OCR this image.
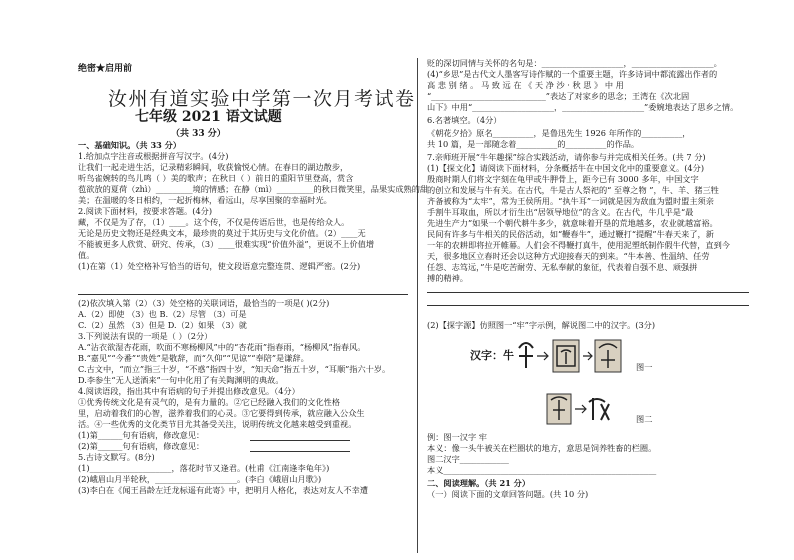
绝密★启用前
汝州有道实验中学第一次月考试卷
七年级 2021 语文试题
（共 33 分）
一、基础知识。（共 33 分）
1.给加点字注音或根据拼音写汉字。(4分)
让我们一起走进生活，记录精彩瞬间，收获愉悦心情。在春日的湖边散步，
听鸟雀婉转的鸟儿鸣（ ）美的歌声；在秋日（ ）前日的重阳节里登高，赏含
苞欲放的夏荷（zhì）_________境的情感；在静（mì）_________的秋日微笑里，品果实成熟的甜
美；在温暖的冬日相约，一起折梅林，看远山，尽享国聚的幸福时光。
2.阅读下面材料，按要求答题。(4分)
藏，不仅是为了存，（1）____。这个传，不仅是传语后世，也是传给众人。
无论是历史文物还是经典文本，最珍贵的莫过于其历史与文化价值。（2）____无
不能被更多人欣赏、研究、传承，（3）____很难实现“价值外溢”，更说不上价值增
值。
(1)在第（1）处空格补写恰当的语句，使文段语意完整连贯、逻辑严密。(2分)
(2)依次填入第（2）（3）处空格的关联词语，最恰当的一项是( )(2分)
A.（2）即使 （3）也 B.（2）尽管 （3）可是
C.（2）虽然 （3）但是 D.（2）如果 （3）就
3.下列说法有误的一项是（ ）（2分）
A.“沾衣欲湿杏花雨，吹面不寒杨柳风”中的“杏花雨”指春雨，“杨柳风”指春风。
B.“嘉见”“今番”“贵姓”是敬辞，而“久仰”“见谅”“奉陪”是谦辞。
C.古文中，“而立”指三十岁，“不惑”指四十岁，“知天命”指五十岁，“耳顺”指六十岁。
D.李参生“无人送酒来”一句中化用了有关陶渊明的典故。
4.阅读语段，指出其中有语病的句子并提出修改意见。（4分）
①优秀传统文化是有灵气的，是有力量的。②它已经融入我们的文化性格
里，启动着我们的心智，滋养着我们的心灵。③它要得到传承，就应融入公众生
活。④一些优秀的文化类节目尤其备受关注，说明传统文化越来越受到重视。
(1)第______句有语病，修改意见：
(2)第______句有语病，修改意见：
5.古诗文默写。(8分)
(1)____________________，落花时节又逢君。(杜甫《江南逢李龟年》)
(2)峨眉山月半轮秋，____________________。(李白《峨眉山月歌》)
(3)李白在《闻王昌龄左迁龙标遥有此寄》中，把明月人格化，表达对友人不幸遭
贬的深切同情与关怀的名句是：____________________，____________________。
(4)“乡思”是古代文人墨客写诗作赋的一个重要主题，许多诗词中都流露出作者的
高 悲 别 绪 。 马 致 远 在 《 天 净 沙 · 秋 思 》 中 用
“____________________________”表达了对家乡的思念；王湾在《次北固
山下》中用“____________________，____________________”委婉地表达了思乡之情。
6.名著填空。（4分）
《朝花夕拾》原名__________，是鲁迅先生 1926 年所作的__________，
共 10 篇，是一部随念着__________的__________的作品。
7.亲师班开展“牛年趣探”综合实践活动，请你参与并完成相关任务。(共 7 分)
(1)【探文化】请阅读下面材料，分条概括牛在中国文化中的重要意义。(4分)
殷商时期人们将文字刻在龟甲或牛胛骨上，距今已有 3000 多年，中国文字
的创立和发展与牛有关。在古代，牛是古人祭祀的“ 至尊之物 ”，牛、羊、猪三牲
齐备被称为“太牢”，常为王侯所用。“执牛耳”一词就是因为敌血为盟时盟主须亲
手割牛耳取血，所以才衍生出“居领导地位”的含义。在古代，牛几乎是“最
先进生产力”如果一个朝代耕牛多少，就意味着开垦的荒地越多，农业就越富裕。
民间有许多与牛相关的民俗活动，如“鞭春牛”，通过鞭打“提醒”牛春天来了，新
一年的农耕即将拉开帷幕。人们会不得鞭打真牛，使用泥塑纸制作假牛代替，直到今
天，很多地区立春时还会以这种方式迎接春天的到来。“牛本善、性温纳、任劳
任怨、志笃远，”牛是吃苦耐劳、无私奉献的象征，代表着自强不息、顽强拼
搏的精神。
(2)【探字源】仿照图一“牢”字示例，解说图二中的汉字。(3分)
汉字：牛
图一
图二
例：图一汉字 牢
本义：像一头牛被关在栏圈状的地方，意思是饲养牲畜的栏圈。
图二汉字____________
本义____________________________________________________
二、阅读理解。（共 21 分）
（一）阅读下面的文章回答问题。(共 10 分)
